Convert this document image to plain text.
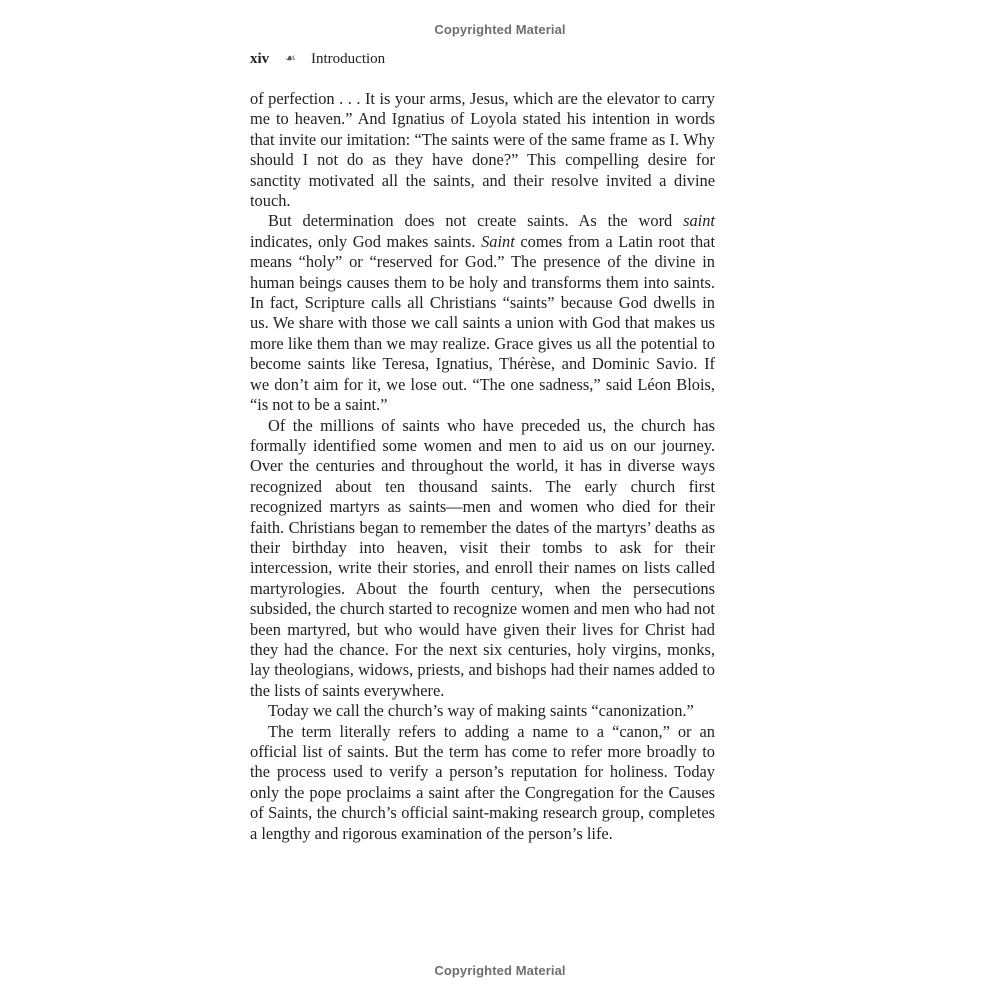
Copyrighted Material
xiv ☙ Introduction

of perfection . . . It is your arms, Jesus, which are the elevator to carry me to heaven.” And Ignatius of Loyola stated his intention in words that invite our imitation: “The saints were of the same frame as I. Why should I not do as they have done?” This compelling desire for sanctity motivated all the saints, and their resolve invited a divine touch.

But determination does not create saints. As the word saint indicates, only God makes saints. Saint comes from a Latin root that means “holy” or “reserved for God.” The presence of the divine in human beings causes them to be holy and transforms them into saints. In fact, Scripture calls all Christians “saints” because God dwells in us. We share with those we call saints a union with God that makes us more like them than we may realize. Grace gives us all the potential to become saints like Teresa, Ignatius, Thérèse, and Dominic Savio. If we don’t aim for it, we lose out. “The one sadness,” said Léon Blois, “is not to be a saint.”

Of the millions of saints who have preceded us, the church has formally identified some women and men to aid us on our journey. Over the centuries and throughout the world, it has in diverse ways recognized about ten thousand saints. The early church first recognized martyrs as saints—men and women who died for their faith. Christians began to remember the dates of the martyrs’ deaths as their birthday into heaven, visit their tombs to ask for their intercession, write their stories, and enroll their names on lists called martyrologies. About the fourth century, when the persecutions subsided, the church started to recognize women and men who had not been martyred, but who would have given their lives for Christ had they had the chance. For the next six centuries, holy virgins, monks, lay theologians, widows, priests, and bishops had their names added to the lists of saints everywhere.

Today we call the church’s way of making saints “canonization.”

The term literally refers to adding a name to a “canon,” or an official list of saints. But the term has come to refer more broadly to the process used to verify a person’s reputation for holiness. Today only the pope proclaims a saint after the Congregation for the Causes of Saints, the church’s official saint-making research group, completes a lengthy and rigorous examination of the person’s life.

Copyrighted Material
